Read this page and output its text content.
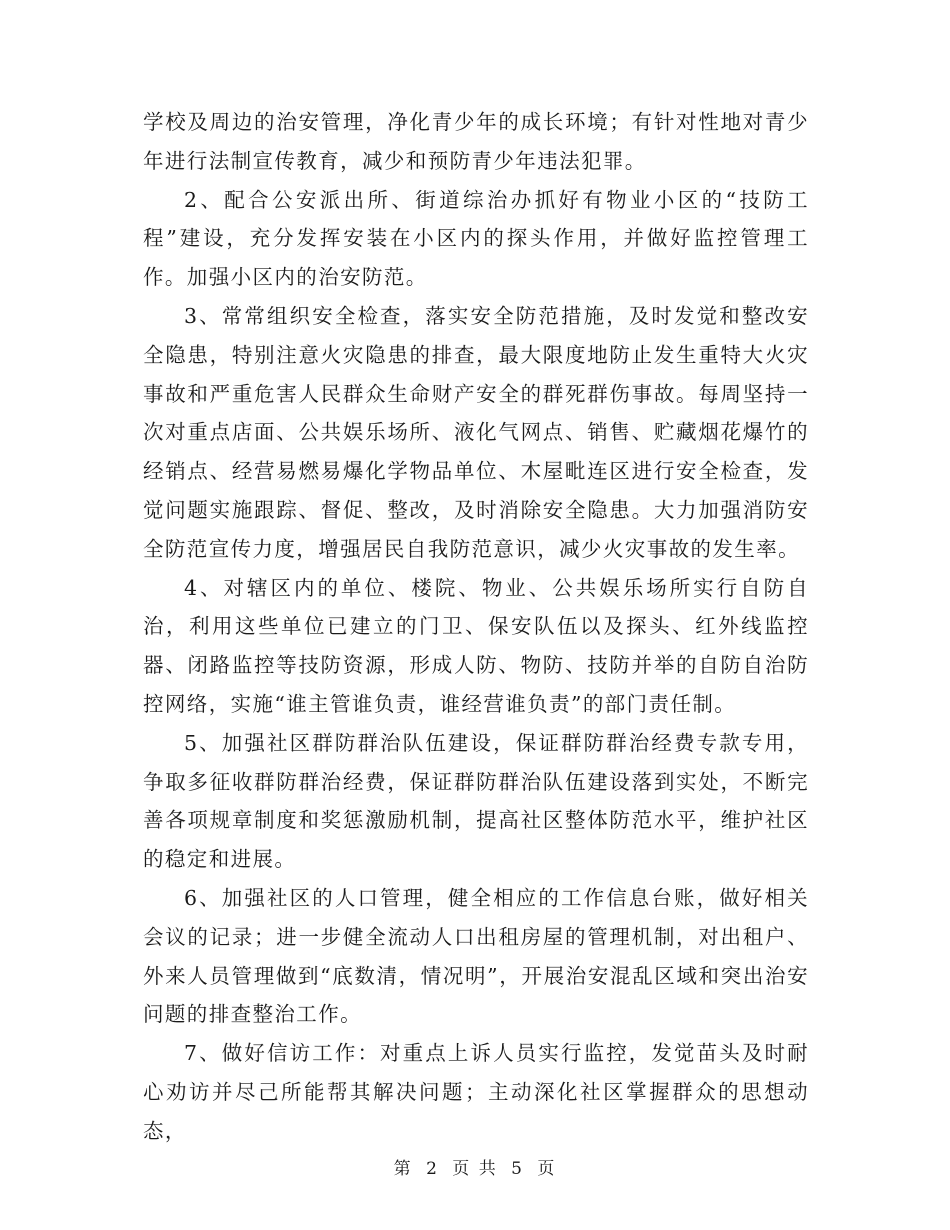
学校及周边的治安管理，净化青少年的成长环境；有针对性地对青少年进行法制宣传教育，减少和预防青少年违法犯罪。

2、配合公安派出所、街道综治办抓好有物业小区的“技防工程”建设，充分发挥安装在小区内的探头作用，并做好监控管理工作。加强小区内的治安防范。

3、常常组织安全检查，落实安全防范措施，及时发觉和整改安全隐患，特别注意火灾隐患的排查，最大限度地防止发生重特大火灾事故和严重危害人民群众生命财产安全的群死群伤事故。每周坚持一次对重点店面、公共娱乐场所、液化气网点、销售、贮藏烟花爆竹的经销点、经营易燃易爆化学物品单位、木屋毗连区进行安全检查，发觉问题实施跟踪、督促、整改，及时消除安全隐患。大力加强消防安全防范宣传力度，增强居民自我防范意识，减少火灾事故的发生率。

4、对辖区内的单位、楼院、物业、公共娱乐场所实行自防自治，利用这些单位已建立的门卫、保安队伍以及探头、红外线监控器、闭路监控等技防资源，形成人防、物防、技防并举的自防自治防控网络，实施“谁主管谁负责，谁经营谁负责”的部门责任制。

5、加强社区群防群治队伍建设，保证群防群治经费专款专用，争取多征收群防群治经费，保证群防群治队伍建设落到实处，不断完善各项规章制度和奖惩激励机制，提高社区整体防范水平，维护社区的稳定和进展。

6、加强社区的人口管理，健全相应的工作信息台账，做好相关会议的记录；进一步健全流动人口出租房屋的管理机制，对出租户、外来人员管理做到“底数清，情况明”，开展治安混乱区域和突出治安问题的排查整治工作。

7、做好信访工作：对重点上诉人员实行监控，发觉苗头及时耐心劝访并尽己所能帮其解决问题；主动深化社区掌握群众的思想动态，

第 2 页 共 5 页
